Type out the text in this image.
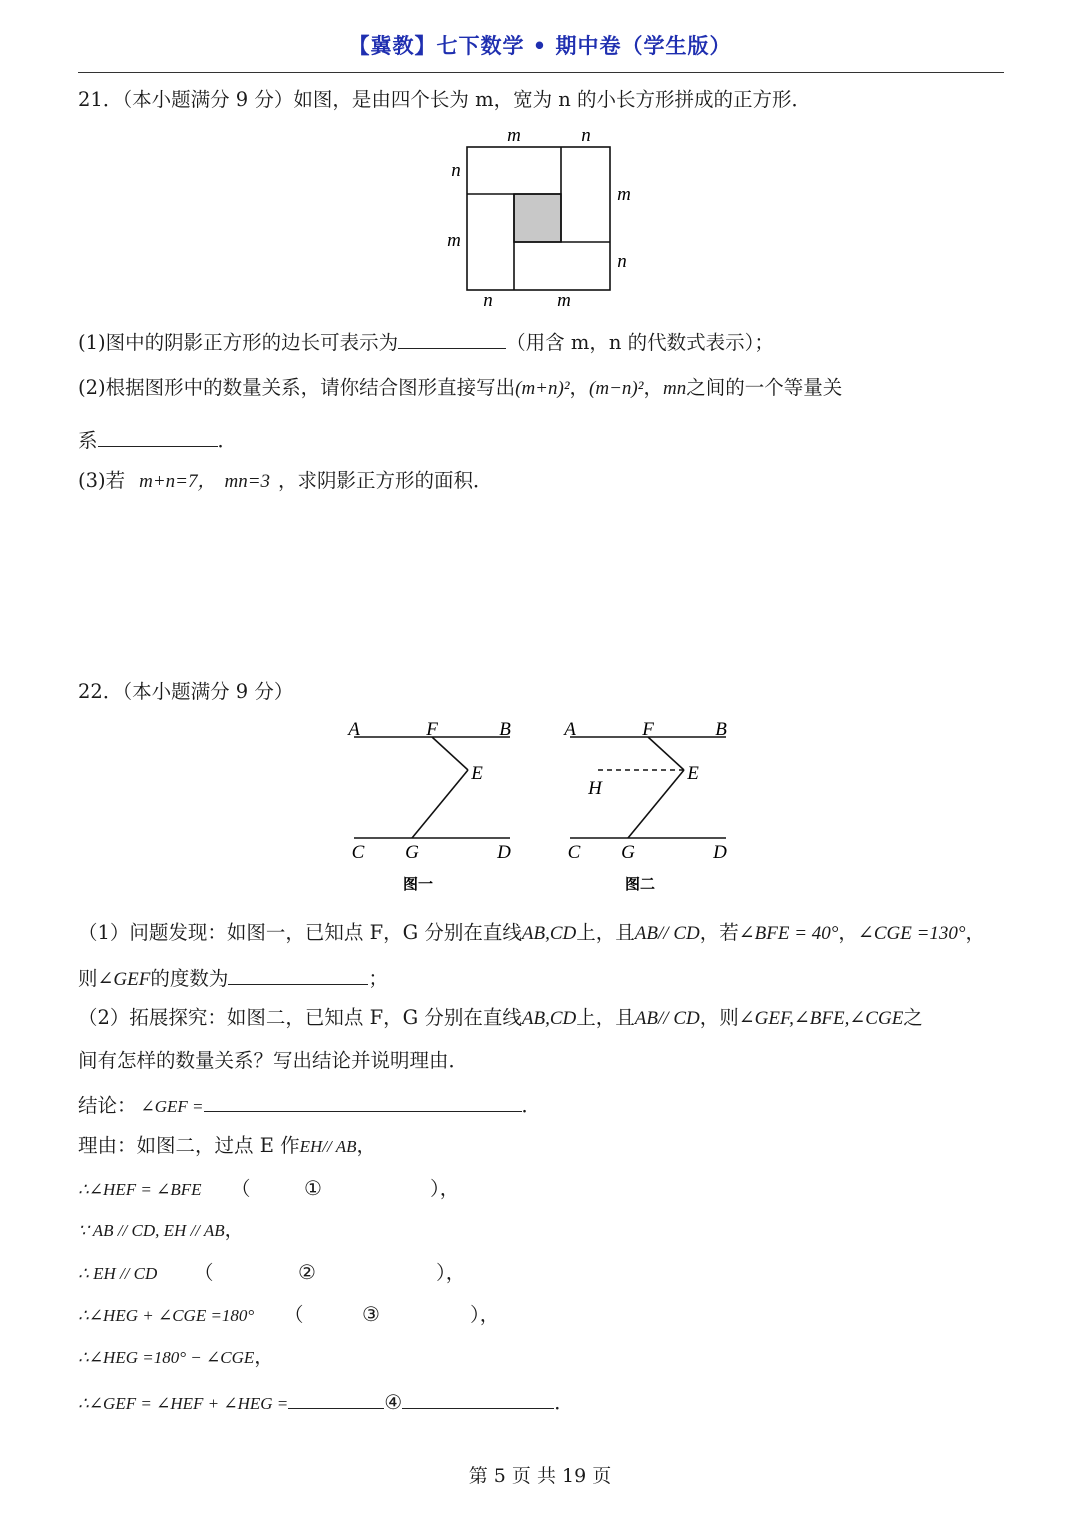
【冀教】七下数学 • 期中卷（学生版）
21．（本小题满分 9 分）如图，是由四个长为 m，宽为 n 的小长方形拼成的正方形．
m	n
n
m
m
n
n	m
(1)图中的阴影正方形的边长可表示为	（用含 m，n 的代数式表示）；
(2)根据图形中的数量关系，请你结合图形直接写出(m+n)²，(m−n)²，mn之间的一个等量关
系	．
(3)若 m+n=7， mn=3 ，求阴影正方形的面积．
22．（本小题满分 9 分）
A	F	B
E
C G	D
图一
A	F	B
E
H
C G	D
图二
（1）问题发现：如图一，已知点 F，G 分别在直线AB,CD上，且AB// CD，若∠BFE = 40°，∠CGE =130°，
则∠GEF的度数为	；
（2）拓展探究：如图二，已知点 F，G 分别在直线AB,CD上，且AB// CD，则∠GEF,∠BFE,∠CGE之
间有怎样的数量关系？写出结论并说明理由．
结论： ∠GEF =	．
理由：如图二，过点 E 作EH// AB，
∴∠HEF = ∠BFE （	①	），
∵ AB // CD, EH // AB，
∴ EH // CD （	②	），
∴∠HEG + ∠CGE =180° （	③	），
∴∠HEG =180° − ∠CGE，
∴∠GEF = ∠HEF + ∠HEG =	④	．
第 5 页 共 19 页
